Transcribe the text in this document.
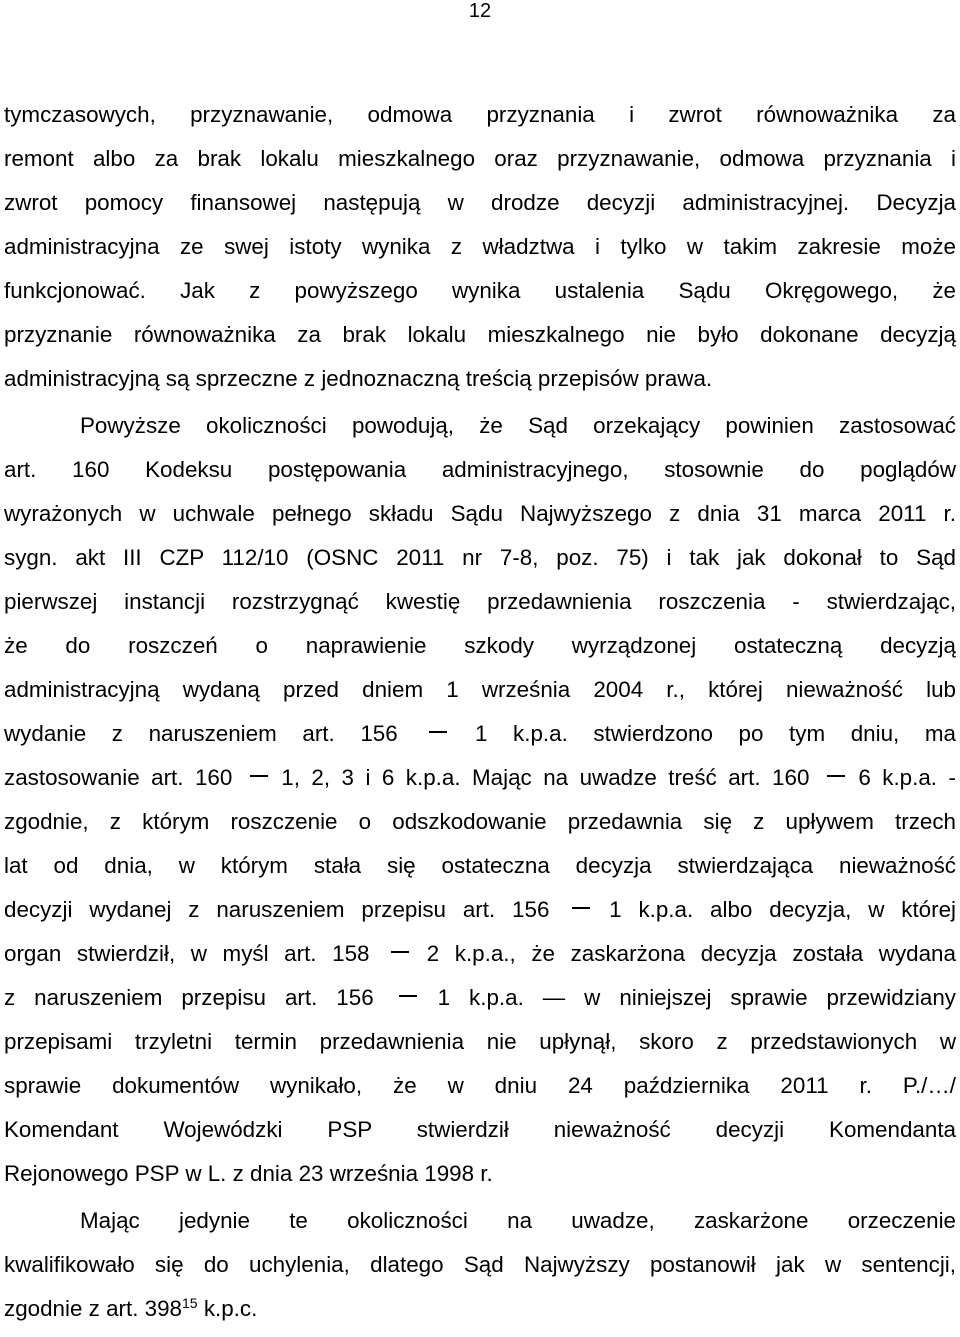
12
tymczasowych, przyznawanie, odmowa przyznania i zwrot równoważnika za
remont albo za brak lokalu mieszkalnego oraz przyznawanie, odmowa przyznania i
zwrot pomocy finansowej następują w drodze decyzji administracyjnej. Decyzja
administracyjna ze swej istoty wynika z władztwa i tylko w takim zakresie może
funkcjonować. Jak z powyższego wynika ustalenia Sądu Okręgowego, że
przyznanie równoważnika za brak lokalu mieszkalnego nie było dokonane decyzją
administracyjną są sprzeczne z jednoznaczną treścią przepisów prawa.
Powyższe okoliczności powodują, że Sąd orzekający powinien zastosować
art. 160 Kodeksu postępowania administracyjnego, stosownie do poglądów
wyrażonych w uchwale pełnego składu Sądu Najwyższego z dnia 31 marca 2011 r.
sygn. akt III CZP 112/10 (OSNC 2011 nr 7-8, poz. 75) i tak jak dokonał to Sąd
pierwszej instancji rozstrzygnąć kwestię przedawnienia roszczenia - stwierdzając,
że do roszczeń o naprawienie szkody wyrządzonej ostateczną decyzją
administracyjną wydaną przed dniem 1 września 2004 r., której nieważność lub
wydanie z naruszeniem art. 156	1 k.p.a. stwierdzono po tym dniu, ma
zastosowanie art. 160 1, 2, 3 i 6 k.p.a. Mając na uwadze treść art. 160 6 k.p.a. -
zgodnie, z którym roszczenie o odszkodowanie przedawnia się z upływem trzech
lat od dnia, w którym stała się ostateczna decyzja stwierdzająca nieważność
decyzji wydanej z naruszeniem przepisu art. 156	1 k.p.a. albo decyzja, w której
organ stwierdził, w myśl art. 158	2 k.p.a., że zaskarżona decyzja została wydana
z naruszeniem przepisu art. 156	1 k.p.a. — w niniejszej sprawie przewidziany
przepisami trzyletni termin przedawnienia nie upłynął, skoro z przedstawionych w
sprawie dokumentów wynikało, że w dniu 24 października 2011 r. P./…/
Komendant Wojewódzki PSP stwierdził nieważność decyzji Komendanta
Rejonowego PSP w L. z dnia 23 września 1998 r.
Mając jedynie te okoliczności na uwadze, zaskarżone orzeczenie
kwalifikowało się do uchylenia, dlatego Sąd Najwyższy postanowił jak w sentencji,
zgodnie z art. $398^{15}$ k.p.c.
